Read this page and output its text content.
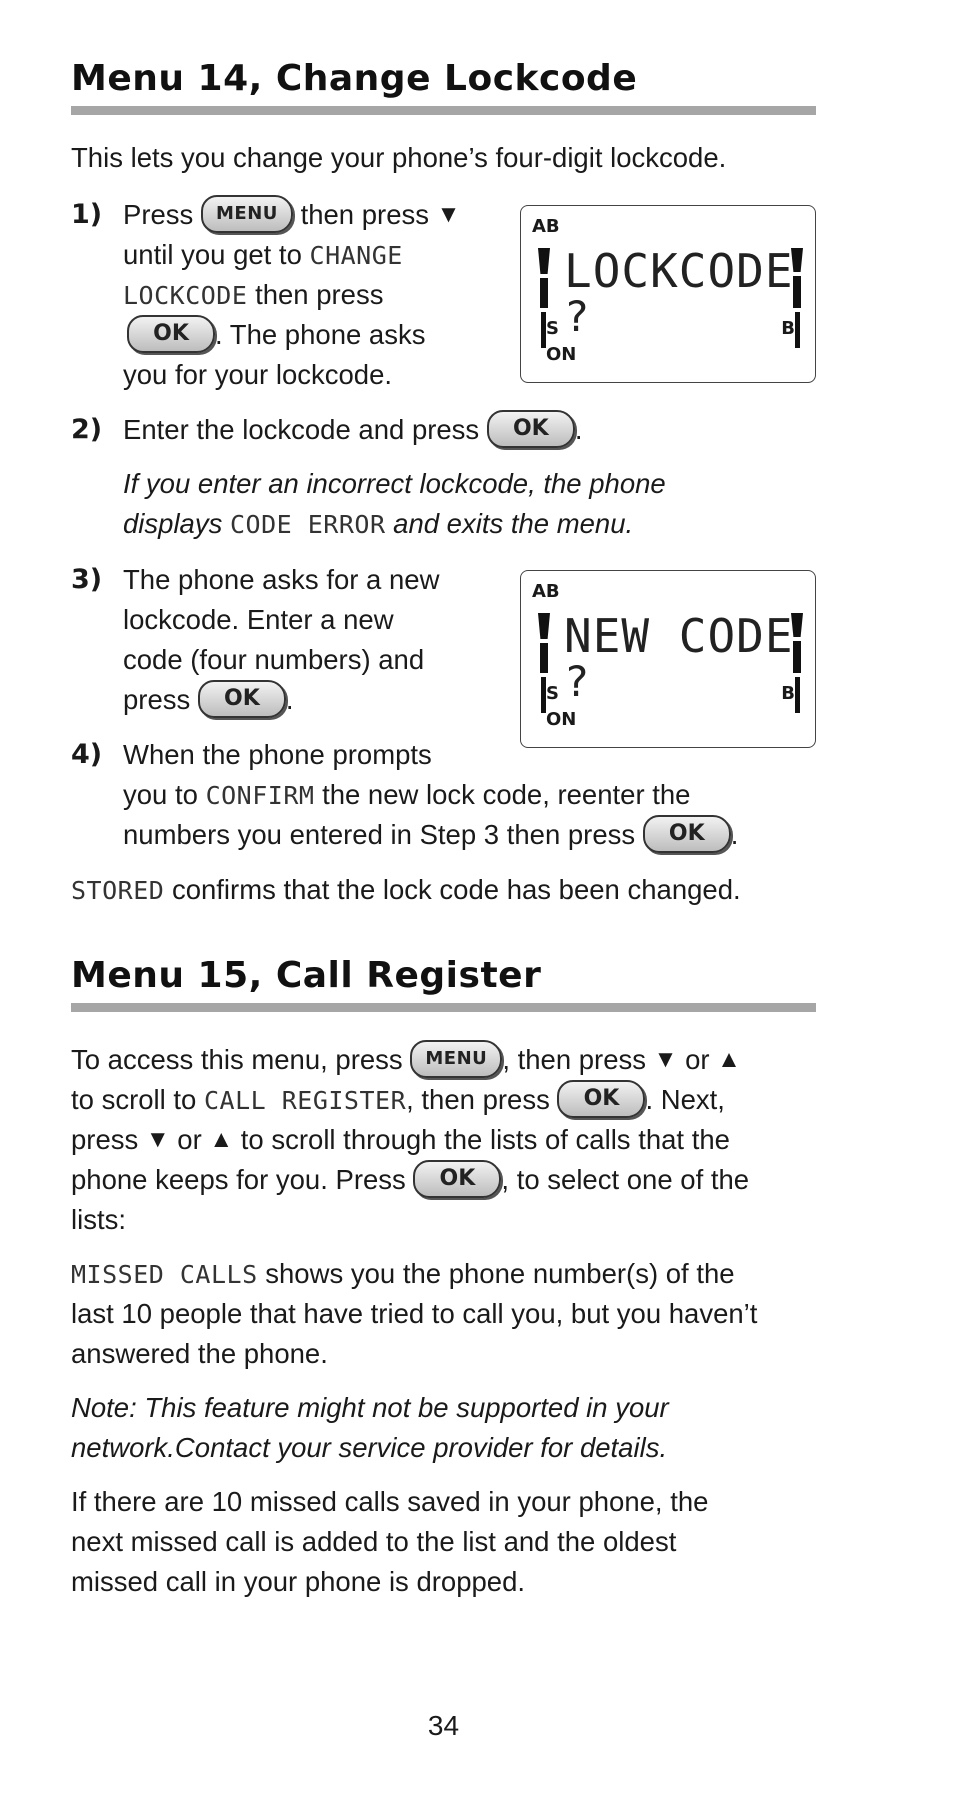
Menu 14, Change Lockcode
This lets you change your phone’s four-digit lockcode.
1) Press MENU then press ▼
until you get to CHANGE
LOCKCODE then press
OK . The phone asks
you for your lockcode.
AB
LOCKCODE
?
S	B
ON
2) Enter the lockcode and press OK .
If you enter an incorrect lockcode, the phone
displays CODE ERROR and exits the menu.
3) The phone asks for a new
lockcode. Enter a new
code (four numbers) and
press OK .
AB
NEW CODE
?
S	B
ON
4) When the phone prompts
you to CONFIRM the new lock code, reenter the
numbers you entered in Step 3 then press OK .
STORED confirms that the lock code has been changed.
Menu 15, Call Register
To access this menu, press MENU , then press ▼ or ▲
to scroll to CALL REGISTER, then press OK . Next,
press ▼ or ▲ to scroll through the lists of calls that the
phone keeps for you. Press OK , to select one of the
lists:
MISSED CALLS shows you the phone number(s) of the
last 10 people that have tried to call you, but you haven’t
answered the phone.
Note: This feature might not be supported in your
network.Contact your service provider for details.
If there are 10 missed calls saved in your phone, the
next missed call is added to the list and the oldest
missed call in your phone is dropped.
34
